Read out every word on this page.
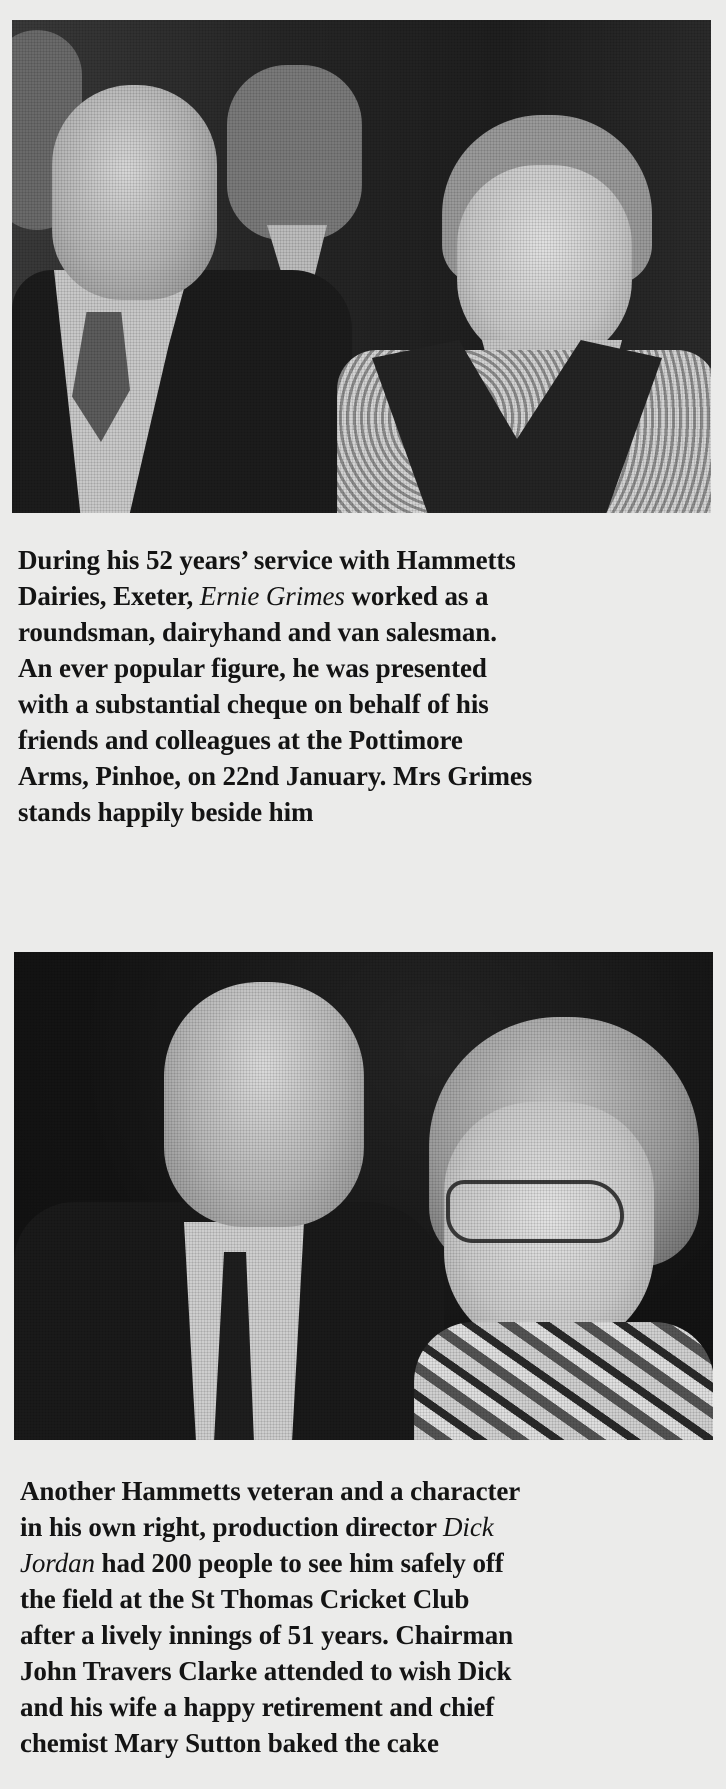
During his 52 years’ service with Hammetts
Dairies, Exeter, Ernie Grimes worked as a
roundsman, dairyhand and van salesman.
An ever popular figure, he was presented
with a substantial cheque on behalf of his
friends and colleagues at the Pottimore
Arms, Pinhoe, on 22nd January. Mrs Grimes
stands happily beside him
Another Hammetts veteran and a character
in his own right, production director Dick
Jordan had 200 people to see him safely off
the field at the St Thomas Cricket Club
after a lively innings of 51 years. Chairman
John Travers Clarke attended to wish Dick
and his wife a happy retirement and chief
chemist Mary Sutton baked the cake
